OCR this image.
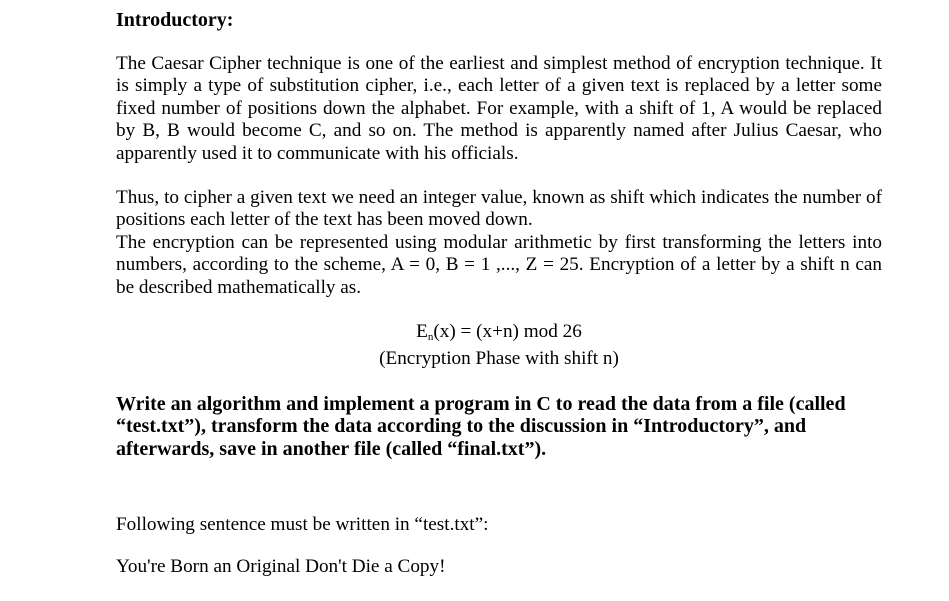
Introductory:

The Caesar Cipher technique is one of the earliest and simplest method of encryption technique. It is simply a type of substitution cipher, i.e., each letter of a given text is replaced by a letter some fixed number of positions down the alphabet. For example, with a shift of 1, A would be replaced by B, B would become C, and so on. The method is apparently named after Julius Caesar, who apparently used it to communicate with his officials.

Thus, to cipher a given text we need an integer value, known as shift which indicates the number of positions each letter of the text has been moved down.

The encryption can be represented using modular arithmetic by first transforming the letters into numbers, according to the scheme, A = 0, B = 1 ,..., Z = 25. Encryption of a letter by a shift n can be described mathematically as.

$E_n(x) = (x+n)$ mod 26
(Encryption Phase with shift n)

Write an algorithm and implement a program in C to read the data from a file (called “test.txt”), transform the data according to the discussion in “Introductory”, and afterwards, save in another file (called “final.txt”).

Following sentence must be written in “test.txt”:

You're Born an Original Don't Die a Copy!
